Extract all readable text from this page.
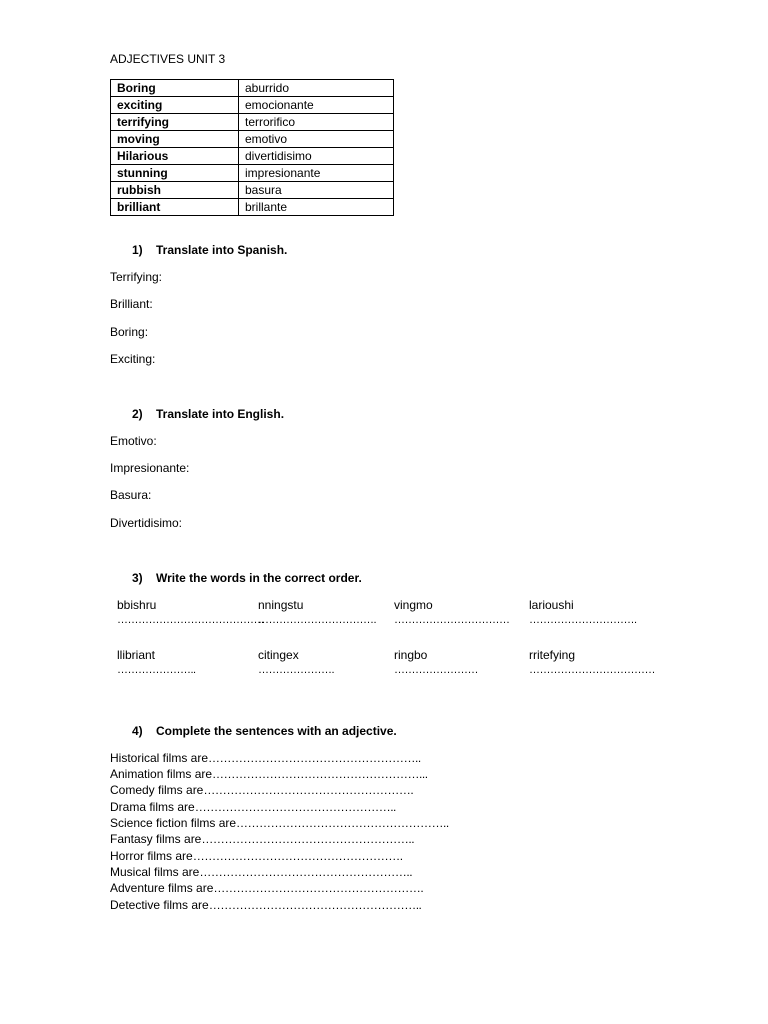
ADJECTIVES UNIT 3
Boring	aburrido
exciting	emocionante
terrifying	terrorifico
moving	emotivo
Hilarious	divertidisimo
stunning	impresionante
rubbish	basura
brilliant	brillante
1) Translate into Spanish.
Terrifying:
Brilliant:
Boring:
Exciting:
2) Translate into English.
Emotivo:
Impresionante:
Basura:
Divertidisimo:
3) Write the words in the correct order.
bbishru
……………………………………
nningstu
…………………………….
vingmo
……………………………
larioushi
………………………….
llibriant
…………………..
citingex
………………….
ringbo
……………………
rritefying
………………………………
4) Complete the sentences with an adjective.
Historical films are………………………………………………..
Animation films are………………………………………………...
Comedy films are……………………………………………….
Drama films are……………………………………………..
Science fiction films are………………………………………………..
Fantasy films are………………………………………………..
Horror films are……………………………………………….
Musical films are………………………………………………..
Adventure films are……………………………………………….
Detective films are………………………………………………..
